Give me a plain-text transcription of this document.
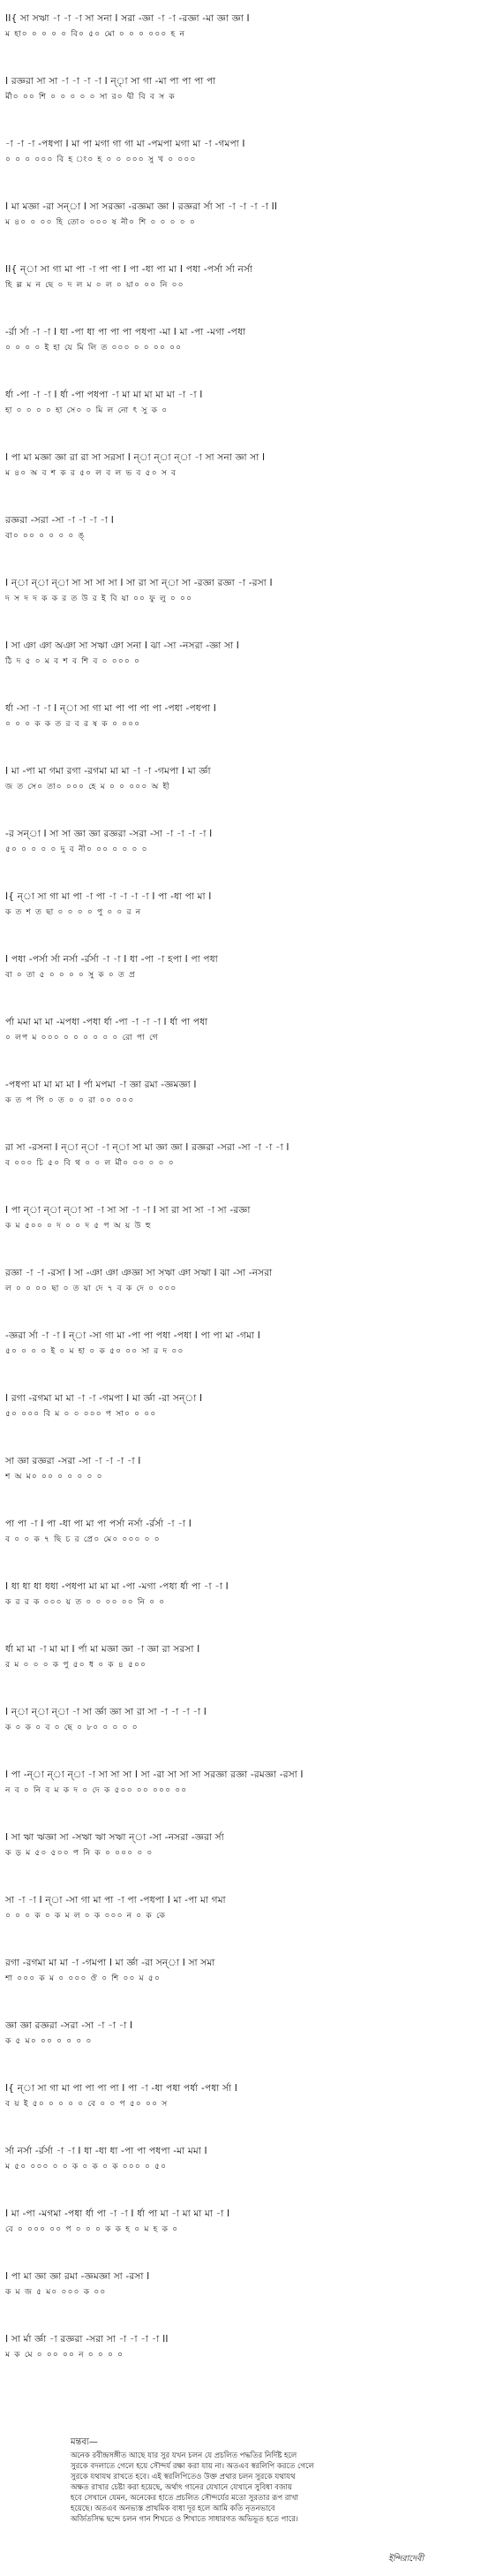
II{ সা সঋা -া -া -া সা সনা I সরা -জ্ঞা -া -া -রজ্ঞা -মা জ্ঞা জ্ঞা I
ম হা০ ০ ০ ০ ০ বি০ ৫০ মো ০ ০ ০ ০০০ হ ন
I রজ্ঞরা সা সা -া -া -া -া I ন্ৃা সা গা -মা পা পা পা পা
র্মী০ ০০ শি ০ ০ ০ ০ ০ সা র০ দ্বী বি ব স ক
-া -া -া -পধপা I মা পা মগা গা গা মা -পমপা মগা মা -া -গমপা I
০ ০ ০ ০০০ বি হ ং০ হ ০ ০ ০০০ সু খ ০ ০০০
I মা মজ্ঞা -রা সন্া I সা সরজ্ঞা -রজ্ঞমা জ্ঞা I রজ্ঞরা র্সা সা -া -া -া -া II
ম ৪০ ০ ০০ হি তো০ ০০০ ষ নী০ শি ০ ০ ০ ০ ০
II{ ন্া সা গা মা পা -া পা পা I পা -ধা পা মা I পধা -পর্সা র্সা নর্সা
হি ল্ল ম ন ছে ০ দ ল ম ০ ল ০ য়া০ ০০ নি ০০
-র্রা র্সা -া -া I ধা -পা ধা পা পা পা পধপা -মা I মা -পা -মগা -পধা
০ ০ ০ ০ ই হা যে মি লি ত ০০০ ০ ০ ০০ ০০
র্ধা -পা -া -া I র্ধা -পা পধপা -া মা মা মা মা মা -া -া I
হা ০ ০ ০ ০ হা সে০ ০ মি ল নো ৎ সু ক ০
I পা মা মজ্ঞা জ্ঞা রা রা সা সরসা I ন্া ন্া ন্া -া সা সনা জ্ঞা সা I
ম ৪০ অ ব শ ক র ৫০ ল ব ল ভ ব ৫০ স ব
রজ্ঞরা -সরা -সা -া -া -া -া I
বা০ ০০ ০ ০ ০ ০ ঙ্
I ন্া ন্া ন্া সা সা সা সা I সা রা সা ন্া সা -রজ্ঞা রজ্ঞা -া -রসা I
দ স দ দ ক ক র ত উ র ই বি য়া ০০ ফু লু ০ ০০
I সা ঞা ঞা অঞা সা সঋা ঞা সনা I ঝা -সা -নসরা -জ্ঞা সা I
ঠি দ ৫ ০ ম ব শ ব শি ব ০ ০০০ ০
র্ধা -সা -া -া I ন্া সা গা মা পা পা পা পা -পধা -পধপা I
০ ০ ০ ক ক ত র ব র ষ ক ০ ০০০
I মা -পা মা গমা রগা -রগমা মা মা -া -া -গমপা I মা র্জ্ঞা
জ ত সে০ তা০ ০০০ হে ম ০ ০ ০০০ অ হী
-র সন্া I সা সা জ্ঞা জ্ঞা রজ্ঞরা -সরা -সা -া -া -া -া I
৫০ ০ ০ ০ ০ দু ব নী০ ০০ ০ ০ ০ ০
I{ ন্া সা গা মা পা -া পা -া -া -া -া I পা -ধা পা মা I
ক ত শ ত ছা ০ ০ ০ ০ পু ০ ০ র ন
I পধা -পর্সা র্সা নর্সা -র্রর্সা -া -া I ধা -পা -া হপা I পা পধা
বা ০ তা ৫ ০ ০ ০ ০ সু ক ০ ত প্র
র্পা মমা মা মা -মপধা -পধা র্ধা -পা -া -া -া I র্ধা পা পধা
০ লপ ম ০০০ ০ ০ ০ ০ ০ ০ রো পা গে
-পধপা মা মা মা মা I র্পা মপমা -া জ্ঞা রমা -জ্ঞমজ্ঞা I
ক ত প পি ০ ত ০ ০ রা ০০ ০০০
রা সা -রসনা I ন্া ন্া -া ন্া সা মা জ্ঞা জ্ঞা I রজ্ঞরা -সরা -সা -া -া -া I
ব ০০০ চি ৫০ বি থ ০ ০ ল র্মী০ ০০ ০ ০ ০
I পা ন্া ন্া ন্া সা -া সা সা -া -া I সা রা সা সা -া সা -রজ্ঞা
ক ম ৫০০ ০ দ ০ ০ দ ৫ প অ য় উ হু
রজ্ঞা -া -া -রসা I সা -ঞা ঞা ঞজ্ঞা সা সঋা ঞা সঋা I ঝা -সা -নসরা
ল ০ ০ ০০ ছা ০ ত য়া দে ৭ ব ক দে ০ ০০০
-জ্ঞরা র্সা -া -া I ন্া -সা গা মা -পা পা পধা -পধা I পা পা মা -গমা I
৫০ ০ ০ ০ ই ০ ম হা ০ ক ৫০ ০০ সা র দ ০০
I রগা -রগমা মা মা -া -া -গমপা I মা র্জ্ঞা -রা সন্া I
৫০ ০০০ বি ম ০ ০ ০০০ প সা০ ০ ০০
সা জ্ঞা রজ্ঞরা -সরা -সা -া -া -া -া I
শ অ ম০ ০০ ০ ০ ০ ০ ০
পা পা -া I পা -ধা পা মা পা পর্সা নর্সা -র্রর্সা -া -া I
ব ০ ০ ক ৭ ছি চ র প্রে০ মে০ ০০০ ০ ০
I ধা ধা ধা ধধা -পধপা মা মা মা -পা -মগা -পধা র্ধা পা -া -া I
ক র র ক ০০০ য় ত ০ ০ ০০ ০০ নি ০ ০
র্ধা মা মা -া মা মা I র্পা মা মজ্ঞা জ্ঞা -া জ্ঞা রা সরসা I
র ম ০ ০ ০ ক পু ৫০ ধ ০ ক ৪ ৫০০
I ন্া ন্া ন্া -া সা র্জ্ঞা জ্ঞা সা রা সা -া -া -া -া I
ক ০ ক ০ ব ০ ছে ০ ৮০ ০ ০ ০ ০
I পা -ন্া ন্া ন্া -া সা সা সা I সা -রা সা সা সা সরজ্ঞা রজ্ঞা -রমজ্ঞা -রসা I
ন ব ০ নি ব ম ক দ ০ দে ক ৫০০ ০০ ০০০ ০০
I সা ঋা ঋজ্ঞা সা -সঋা ঋা সঋা ন্া -সা -নসরা -জ্ঞরা র্সা
ক ড় ম ৫০ ৫০০ প নি ক ০ ০০০ ০ ০
সা -া -া I ন্া -সা গা মা পা -া পা -পধপা I মা -পা মা গমা
০ ০ ০ ক ০ ক ম ল ০ ক ০০০ ন ০ ক কে
রগা -রগমা মা মা -া -গমপা I মা র্জ্ঞা -রা সন্া I সা সমা
শা ০০০ ক ম ০ ০০০ ঔ ০ শি ০০ ম ৫০
জ্ঞা জ্ঞা রজ্ঞরা -সরা -সা -া -া -া I
ক ৫ ম০ ০০ ০ ০ ০ ০
I{ ন্া সা গা মা পা পা পা পা I পা -া -ধা পধা পর্ধা -পধা র্সা I
ব য় ই ৫০ ০ ০ ০ ০ বে ০ ০ প ৫০ ০০ স
র্সা নর্সা -র্রর্সা -া -া I ধা -ধা ধা -পা পা পধপা -মা মমা I
ম ৫০ ০০০ ০ ০ ক ০ ক ০ ক ০০০ ০ ৫০
I মা -পা -মগমা -পধা র্ধা পা -া -া I র্ধা পা মা -া মা মা মা -া I
বে ০ ০০০ ০০ প ০ ০ ০ ক ক হ ০ ম হ ক ০
I পা মা জ্ঞা জ্ঞা রমা -জ্ঞমজ্ঞা সা -রসা I
ক ম জ ৫ ম০ ০০০ ক ০০
I সা র্মা র্জ্ঞা -া রজ্ঞরা -সরা সা -া -া -া -া II
ম ক মে ০ ০০ ০০ ন ০ ০ ০ ০
মন্তব্য—
অনেক রবীন্দ্রসঙ্গীত আছে যার সুর যখন চলন যে প্রচলিত পদ্ধতির নির্দিষ্ট হলে
সুরকে বদলাতে গেলে হয়ে সৌন্দর্য রক্ষা করা যায় না। অতএব স্বরলিপি করতে গেলে
সুরকে যথাযথ রাখতে হবে। এই স্বরলিপিতেও উক্ত প্রথার চলন সুরকে যথাযথ
অক্ষত রাখার চেষ্টা করা হয়েছে, অর্থাৎ গানের যেখানে যেখানে সুবিধা বজায়
হবে সেখানে যেমন, অনেকের হাতে প্রচলিত সৌন্দর্যের মতো সুরতার রূপ রাখা
হয়েছে। অতএব অনভ্যস্ত প্রাথমিক বাধা দূর হলে আমি কতি নৃতনভাবে
অর্জিতসিদ্ধ ছন্দে চলন গান শিখতে ও শিখাতে সাধারণত অভিভূত হতে পারে।
ইন্দিরাদেবী
